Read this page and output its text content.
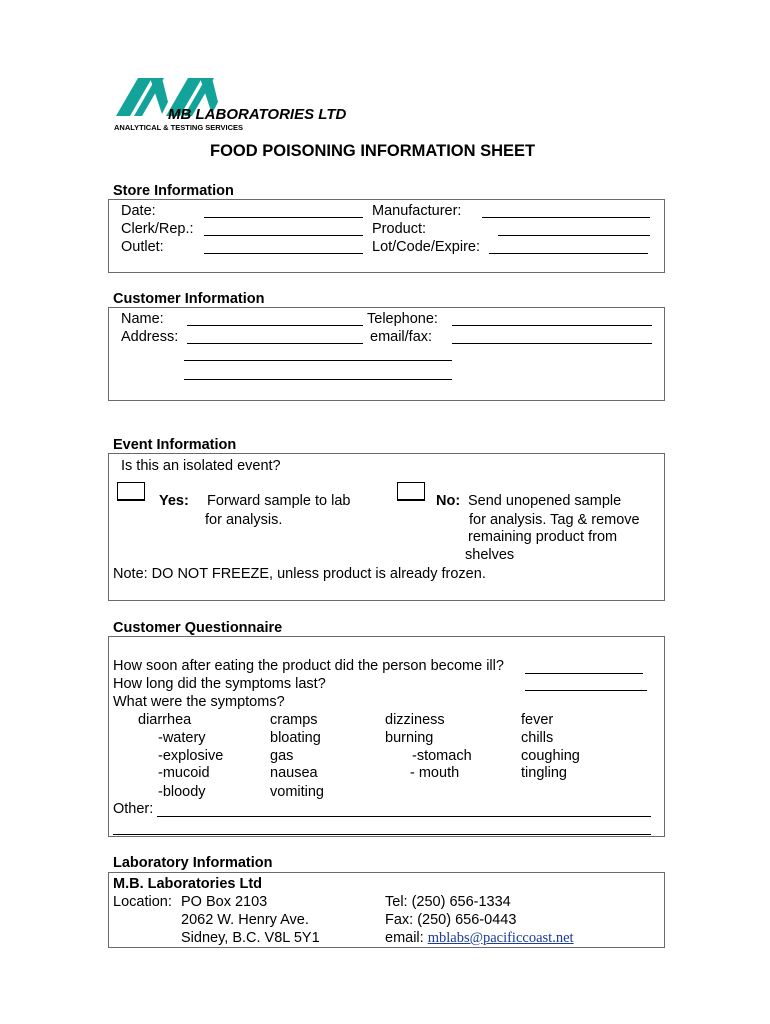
MB LABORATORIES LTD
ANALYTICAL & TESTING SERVICES
FOOD POISONING INFORMATION SHEET
Store Information
Date:
Clerk/Rep.:
Outlet:
Manufacturer:
Product:
Lot/Code/Expire:
Customer Information
Name:
Address:
Telephone:
email/fax:
Event Information
Is this an isolated event?
Yes: Forward sample to lab
for analysis.
No: Send unopened sample
for analysis. Tag & remove
remaining product from
shelves
Note: DO NOT FREEZE, unless product is already frozen.
Customer Questionnaire
How soon after eating the product did the person become ill?
How long did the symptoms last?
What were the symptoms?
diarrhea
-watery
-explosive
-mucoid
-bloody
cramps
bloating
gas
nausea
vomiting
dizziness
burning
-stomach
- mouth
fever
chills
coughing
tingling
Other:
Laboratory Information
M.B. Laboratories Ltd
Location: PO Box 2103
2062 W. Henry Ave.
Sidney, B.C. V8L 5Y1
Tel: (250) 656-1334
Fax: (250) 656-0443
email: mblabs@pacificcoast.net
